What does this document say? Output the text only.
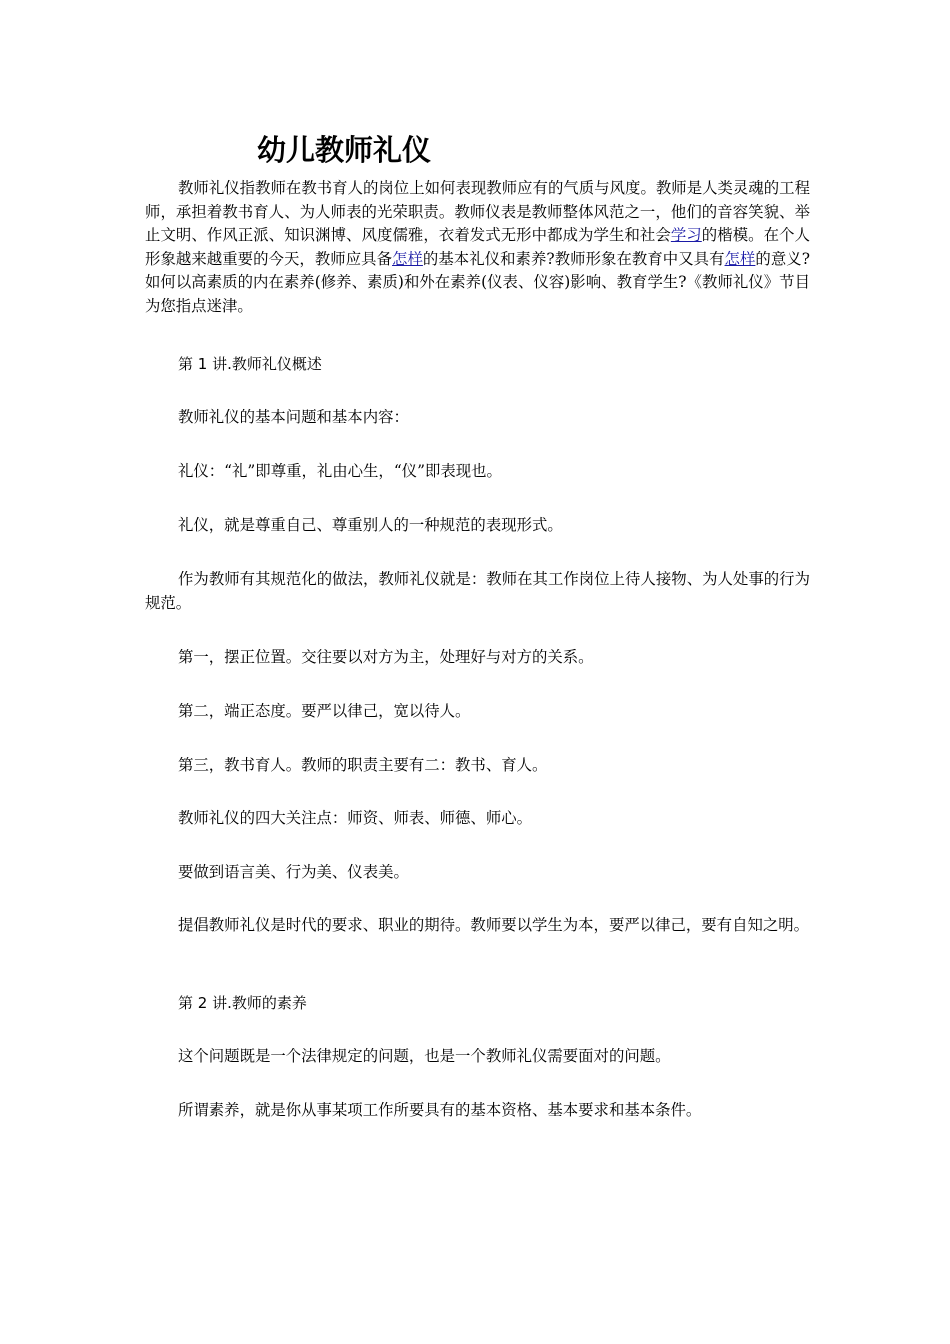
幼儿教师礼仪

教师礼仪指教师在教书育人的岗位上如何表现教师应有的气质与风度。教师是人类灵魂的工程师，承担着教书育人、为人师表的光荣职责。教师仪表是教师整体风范之一，他们的音容笑貌、举止文明、作风正派、知识渊博、风度儒雅，衣着发式无形中都成为学生和社会学习的楷模。在个人形象越来越重要的今天，教师应具备怎样的基本礼仪和素养?教师形象在教育中又具有怎样的意义?如何以高素质的内在素养(修养、素质)和外在素养(仪表、仪容)影响、教育学生?《教师礼仪》节目为您指点迷津。

第 1 讲.教师礼仪概述

教师礼仪的基本问题和基本内容：

礼仪：“礼”即尊重，礼由心生，“仪”即表现也。

礼仪，就是尊重自己、尊重别人的一种规范的表现形式。

作为教师有其规范化的做法，教师礼仪就是：教师在其工作岗位上待人接物、为人处事的行为规范。

第一，摆正位置。交往要以对方为主，处理好与对方的关系。

第二，端正态度。要严以律己，宽以待人。

第三，教书育人。教师的职责主要有二：教书、育人。

教师礼仪的四大关注点：师资、师表、师德、师心。

要做到语言美、行为美、仪表美。

提倡教师礼仪是时代的要求、职业的期待。教师要以学生为本，要严以律己，要有自知之明。

第 2 讲.教师的素养

这个问题既是一个法律规定的问题，也是一个教师礼仪需要面对的问题。

所谓素养，就是你从事某项工作所要具有的基本资格、基本要求和基本条件。
